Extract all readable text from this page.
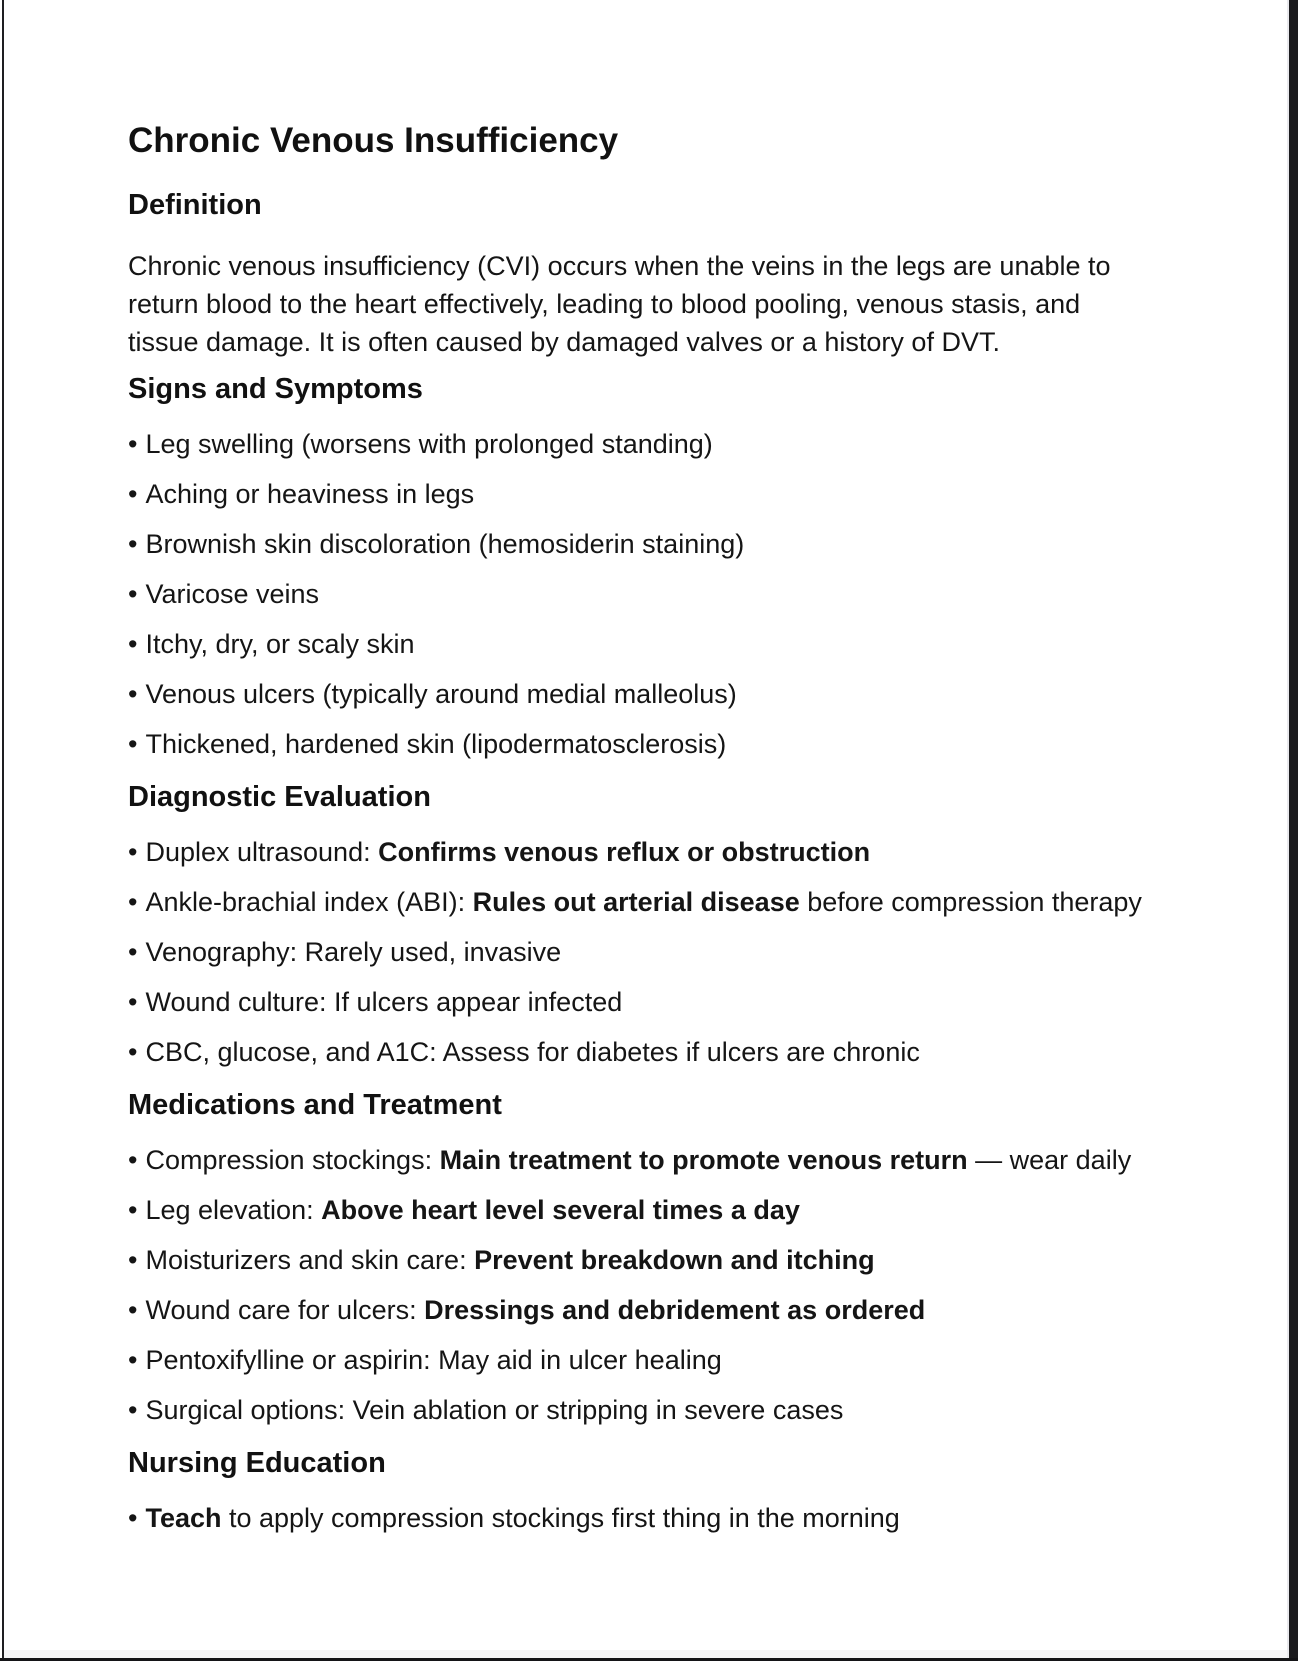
Chronic Venous Insufficiency
Definition

Chronic venous insufficiency (CVI) occurs when the veins in the legs are unable to
return blood to the heart effectively, leading to blood pooling, venous stasis, and
tissue damage. It is often caused by damaged valves or a history of DVT.

Signs and Symptoms
• Leg swelling (worsens with prolonged standing)
• Aching or heaviness in legs
• Brownish skin discoloration (hemosiderin staining)
• Varicose veins
• Itchy, dry, or scaly skin
• Venous ulcers (typically around medial malleolus)
• Thickened, hardened skin (lipodermatosclerosis)
Diagnostic Evaluation
• Duplex ultrasound: Confirms venous reflux or obstruction
• Ankle-brachial index (ABI): Rules out arterial disease before compression therapy
• Venography: Rarely used, invasive
• Wound culture: If ulcers appear infected
• CBC, glucose, and A1C: Assess for diabetes if ulcers are chronic
Medications and Treatment
• Compression stockings: Main treatment to promote venous return — wear daily
• Leg elevation: Above heart level several times a day
• Moisturizers and skin care: Prevent breakdown and itching
• Wound care for ulcers: Dressings and debridement as ordered
• Pentoxifylline or aspirin: May aid in ulcer healing
• Surgical options: Vein ablation or stripping in severe cases
Nursing Education
• Teach to apply compression stockings first thing in the morning
